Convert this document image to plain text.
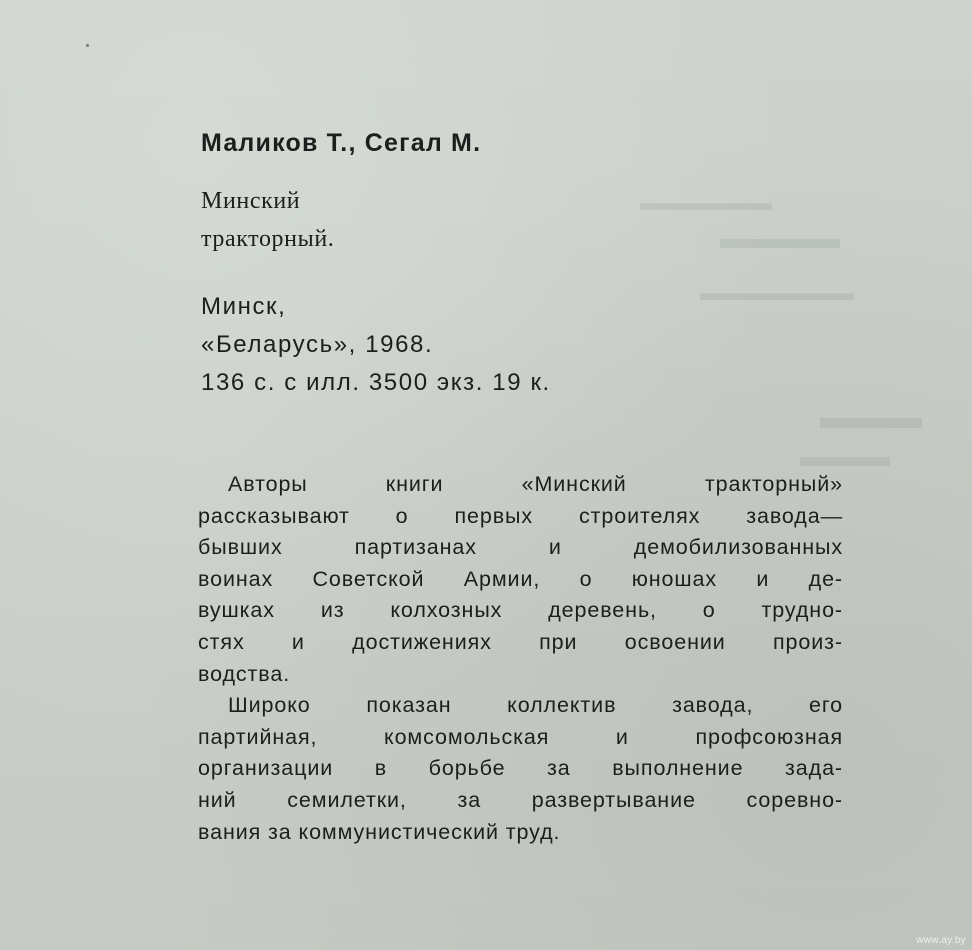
▬▬▬▬▬▬
▬▬▬▬
▬▬▬▬▬▬▬
▬▬▬
▬▬▬

Маликов Т., Сегал М.

Минский
тракторный.
Минск,
«Беларусь», 1968.
136 с. с илл. 3500 экз. 19 к.
Авторы книги «Минский тракторный»
рассказывают о первых строителях завода—
бывших партизанах и демобилизованных
воинах Советской Армии, о юношах и де-
вушках из колхозных деревень, о трудно-
стях и достижениях при освоении произ-
водства.
Широко показан коллектив завода, его
партийная, комсомольская и профсоюзная
организации в борьбе за выполнение зада-
ний семилетки, за развертывание соревно-
вания за коммунистический труд.
www.ay.by
